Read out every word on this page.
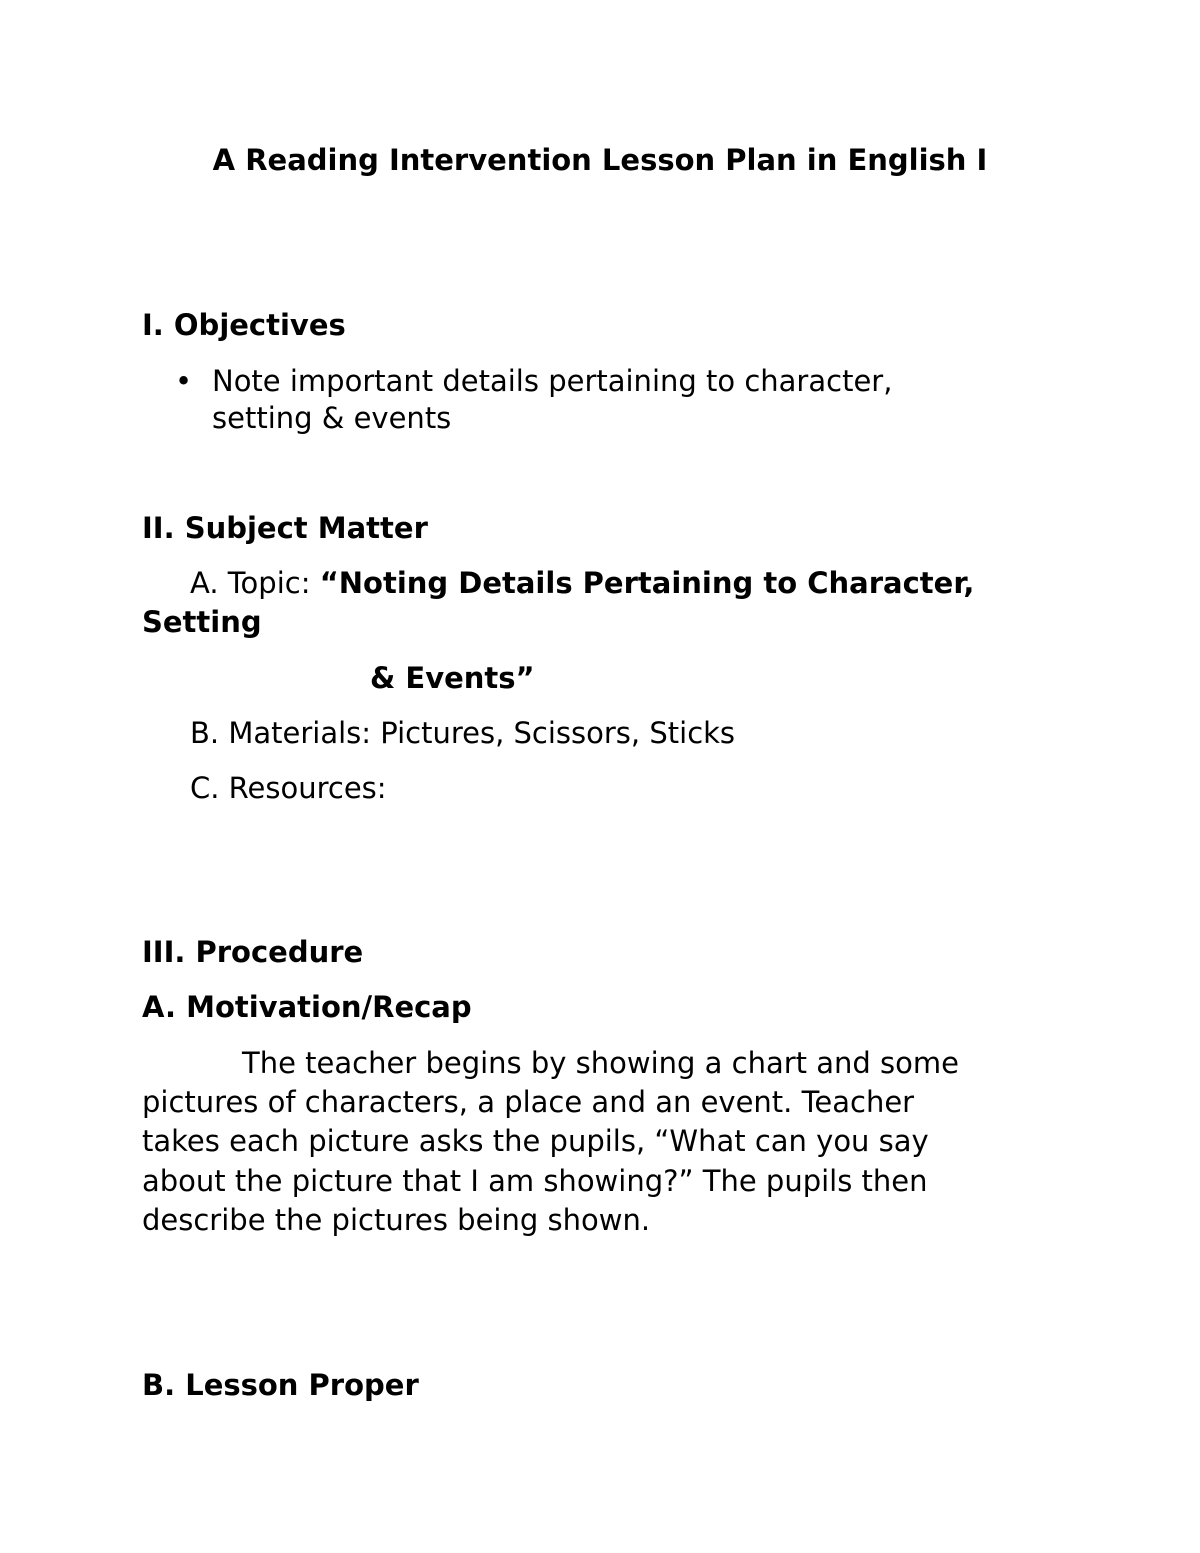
A Reading Intervention Lesson Plan in English I

I. Objectives

• Note important details pertaining to character,

setting & events

II. Subject Matter

A. Topic: “Noting Details Pertaining to Character,

Setting

& Events”

B. Materials: Pictures, Scissors, Sticks

C. Resources:

III. Procedure

A. Motivation/Recap

The teacher begins by showing a chart and some

pictures of characters, a place and an event. Teacher

takes each picture asks the pupils, “What can you say

about the picture that I am showing?” The pupils then

describe the pictures being shown.

B. Lesson Proper
